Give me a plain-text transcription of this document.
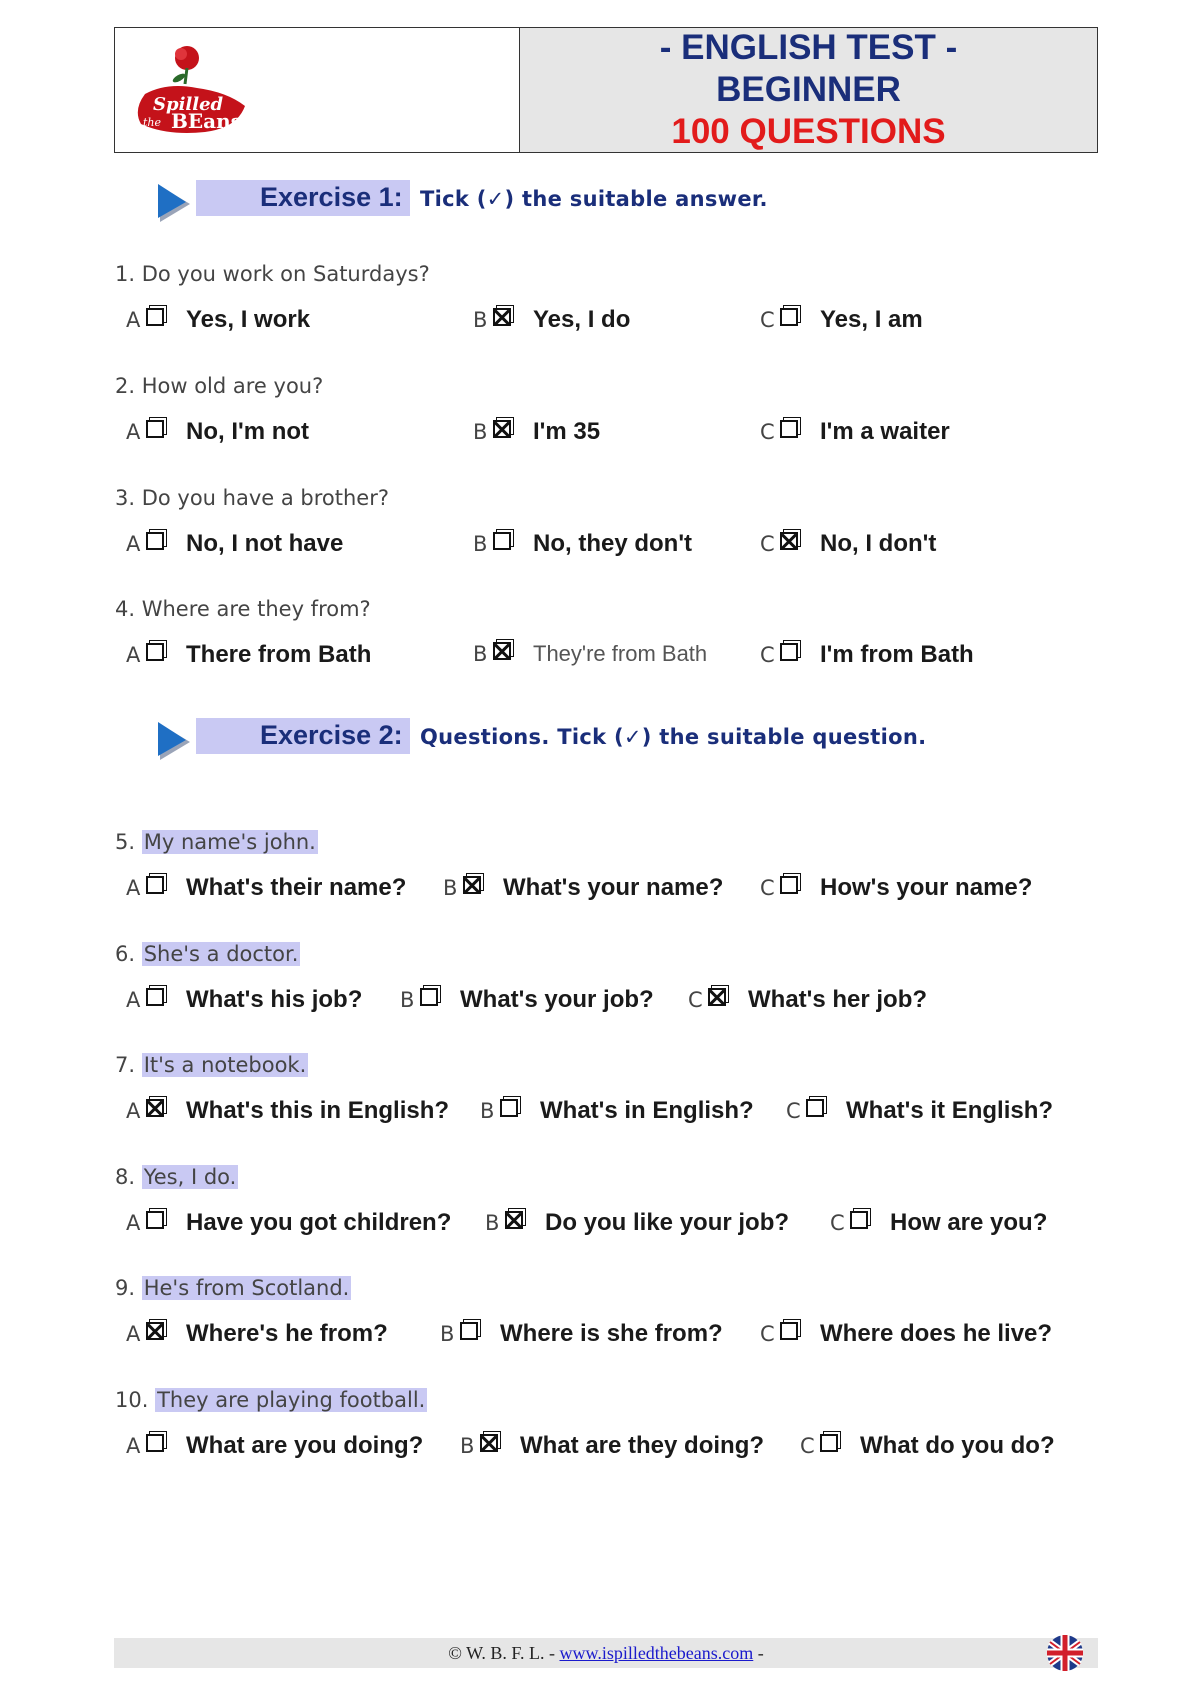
Spilled
BEans
the
- ENGLISH TEST -
BEGINNER
100 QUESTIONS
Exercise 1: Tick (✓) the suitable answer.
Exercise 2: Questions. Tick (✓) the suitable question.
1. Do you work on Saturdays?
A Yes, I work	B Yes, I do	C Yes, I am
2. How old are you?
A No, I'm not	B I'm 35	C I'm a waiter
3. Do you have a brother?
A No, I not have	B No, they don't	C No, I don't
4. Where are they from?
A There from Bath	B They're from Bath	C I'm from Bath
5. My name's john.
A What's their name? B What's your name? C How's your name?
6. She's a doctor.
A What's his job? B What's your job? C What's her job?
7. It's a notebook.
A What's this in English? B What's in English? C What's it English?
8. Yes, I do.
A Have you got children? B Do you like your job? C How are you?
9. He's from Scotland.
A Where's he from? B Where is she from? C Where does he live?
10. They are playing football.
A What are you doing? B What are they doing? C What do you do?
© W. B. F. L. - www.ispilledthebeans.com -
